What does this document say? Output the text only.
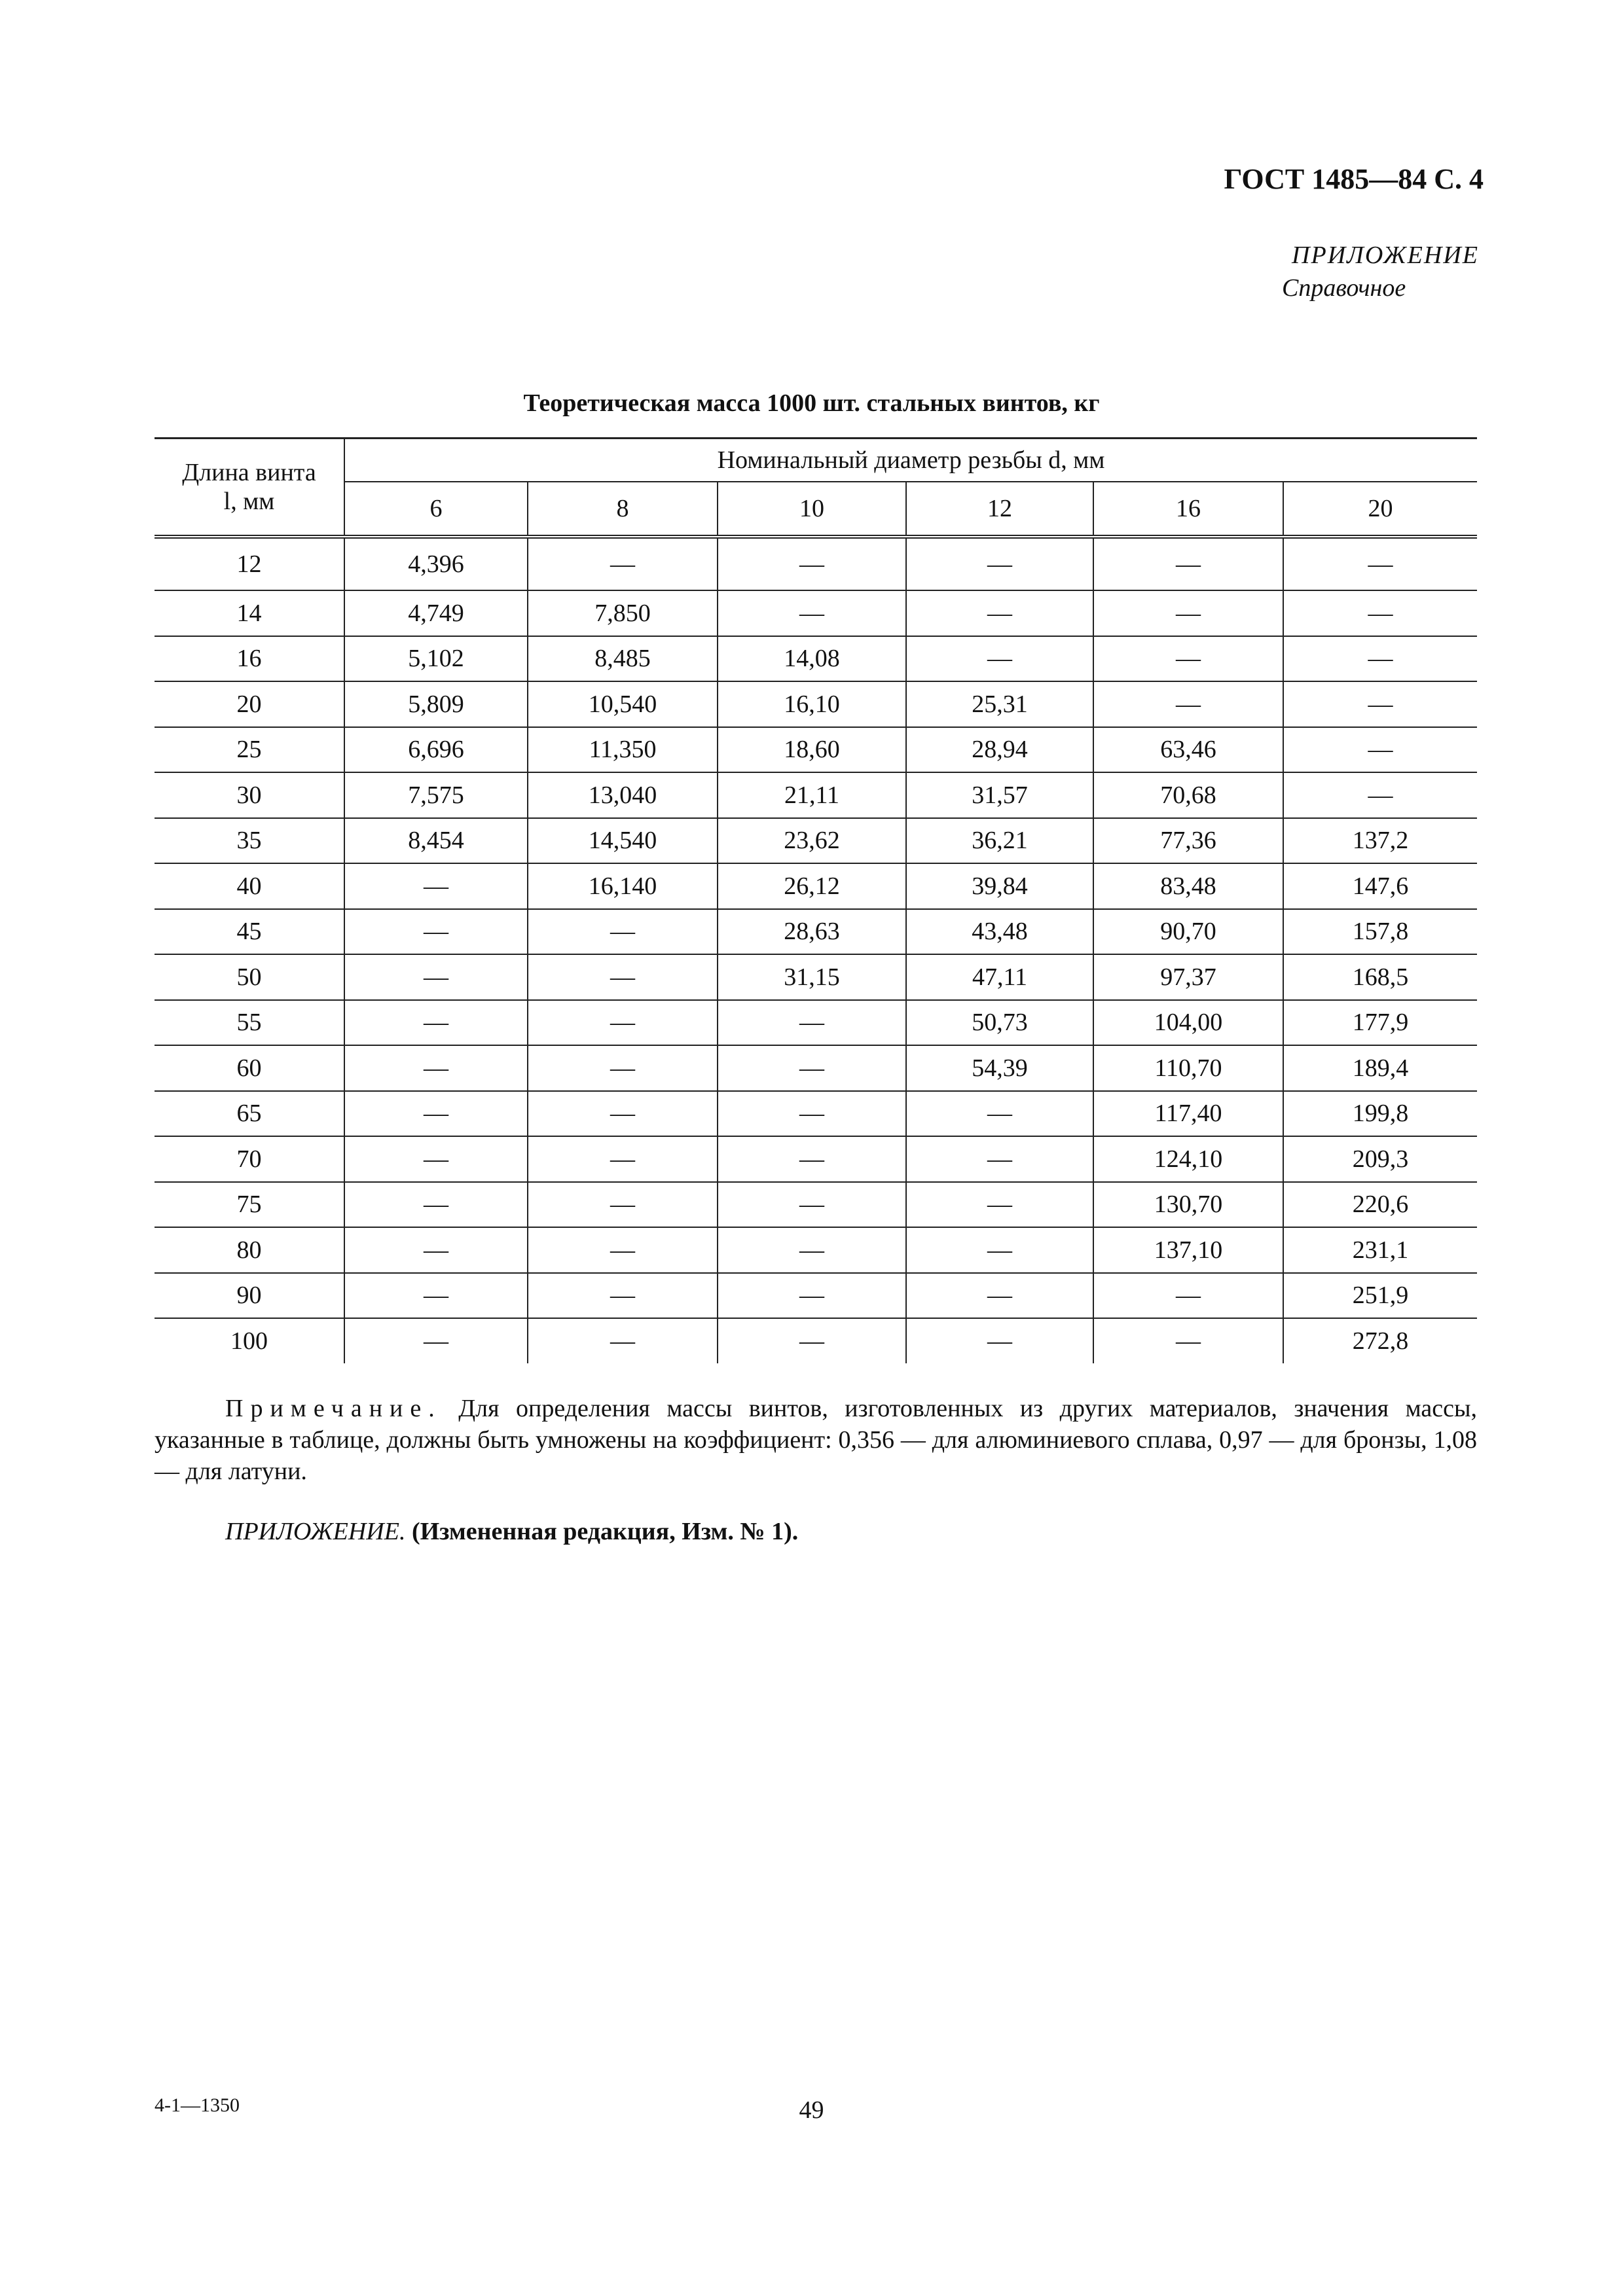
ГОСТ 1485—84 С. 4
ПРИЛОЖЕНИЕ
Справочное
Теоретическая масса 1000 шт. стальных винтов, кг
Длина винта
l, мм	Номинальный диаметр резьбы d, мм					
	6	8	10	12	16	20
12	4,396	—	—	—	—	—
14	4,749	7,850	—	—	—	—
16	5,102	8,485	14,08	—	—	—
20	5,809	10,540	16,10	25,31	—	—
25	6,696	11,350	18,60	28,94	63,46	—
30	7,575	13,040	21,11	31,57	70,68	—
35	8,454	14,540	23,62	36,21	77,36	137,2
40	—	16,140	26,12	39,84	83,48	147,6
45	—	—	28,63	43,48	90,70	157,8
50	—	—	31,15	47,11	97,37	168,5
55	—	—	—	50,73	104,00	177,9
60	—	—	—	54,39	110,70	189,4
65	—	—	—	—	117,40	199,8
70	—	—	—	—	124,10	209,3
75	—	—	—	—	130,70	220,6
80	—	—	—	—	137,10	231,1
90	—	—	—	—	—	251,9
100	—	—	—	—	—	272,8
Примечание. Для определения массы винтов, изготовленных из других материалов, значения массы, указанные в таблице, должны быть умножены на коэффициент: 0,356 — для алюминиевого сплава, 0,97 — для бронзы, 1,08 — для латуни.
ПРИЛОЖЕНИЕ. (Измененная редакция, Изм. № 1).
4-1—1350	49
